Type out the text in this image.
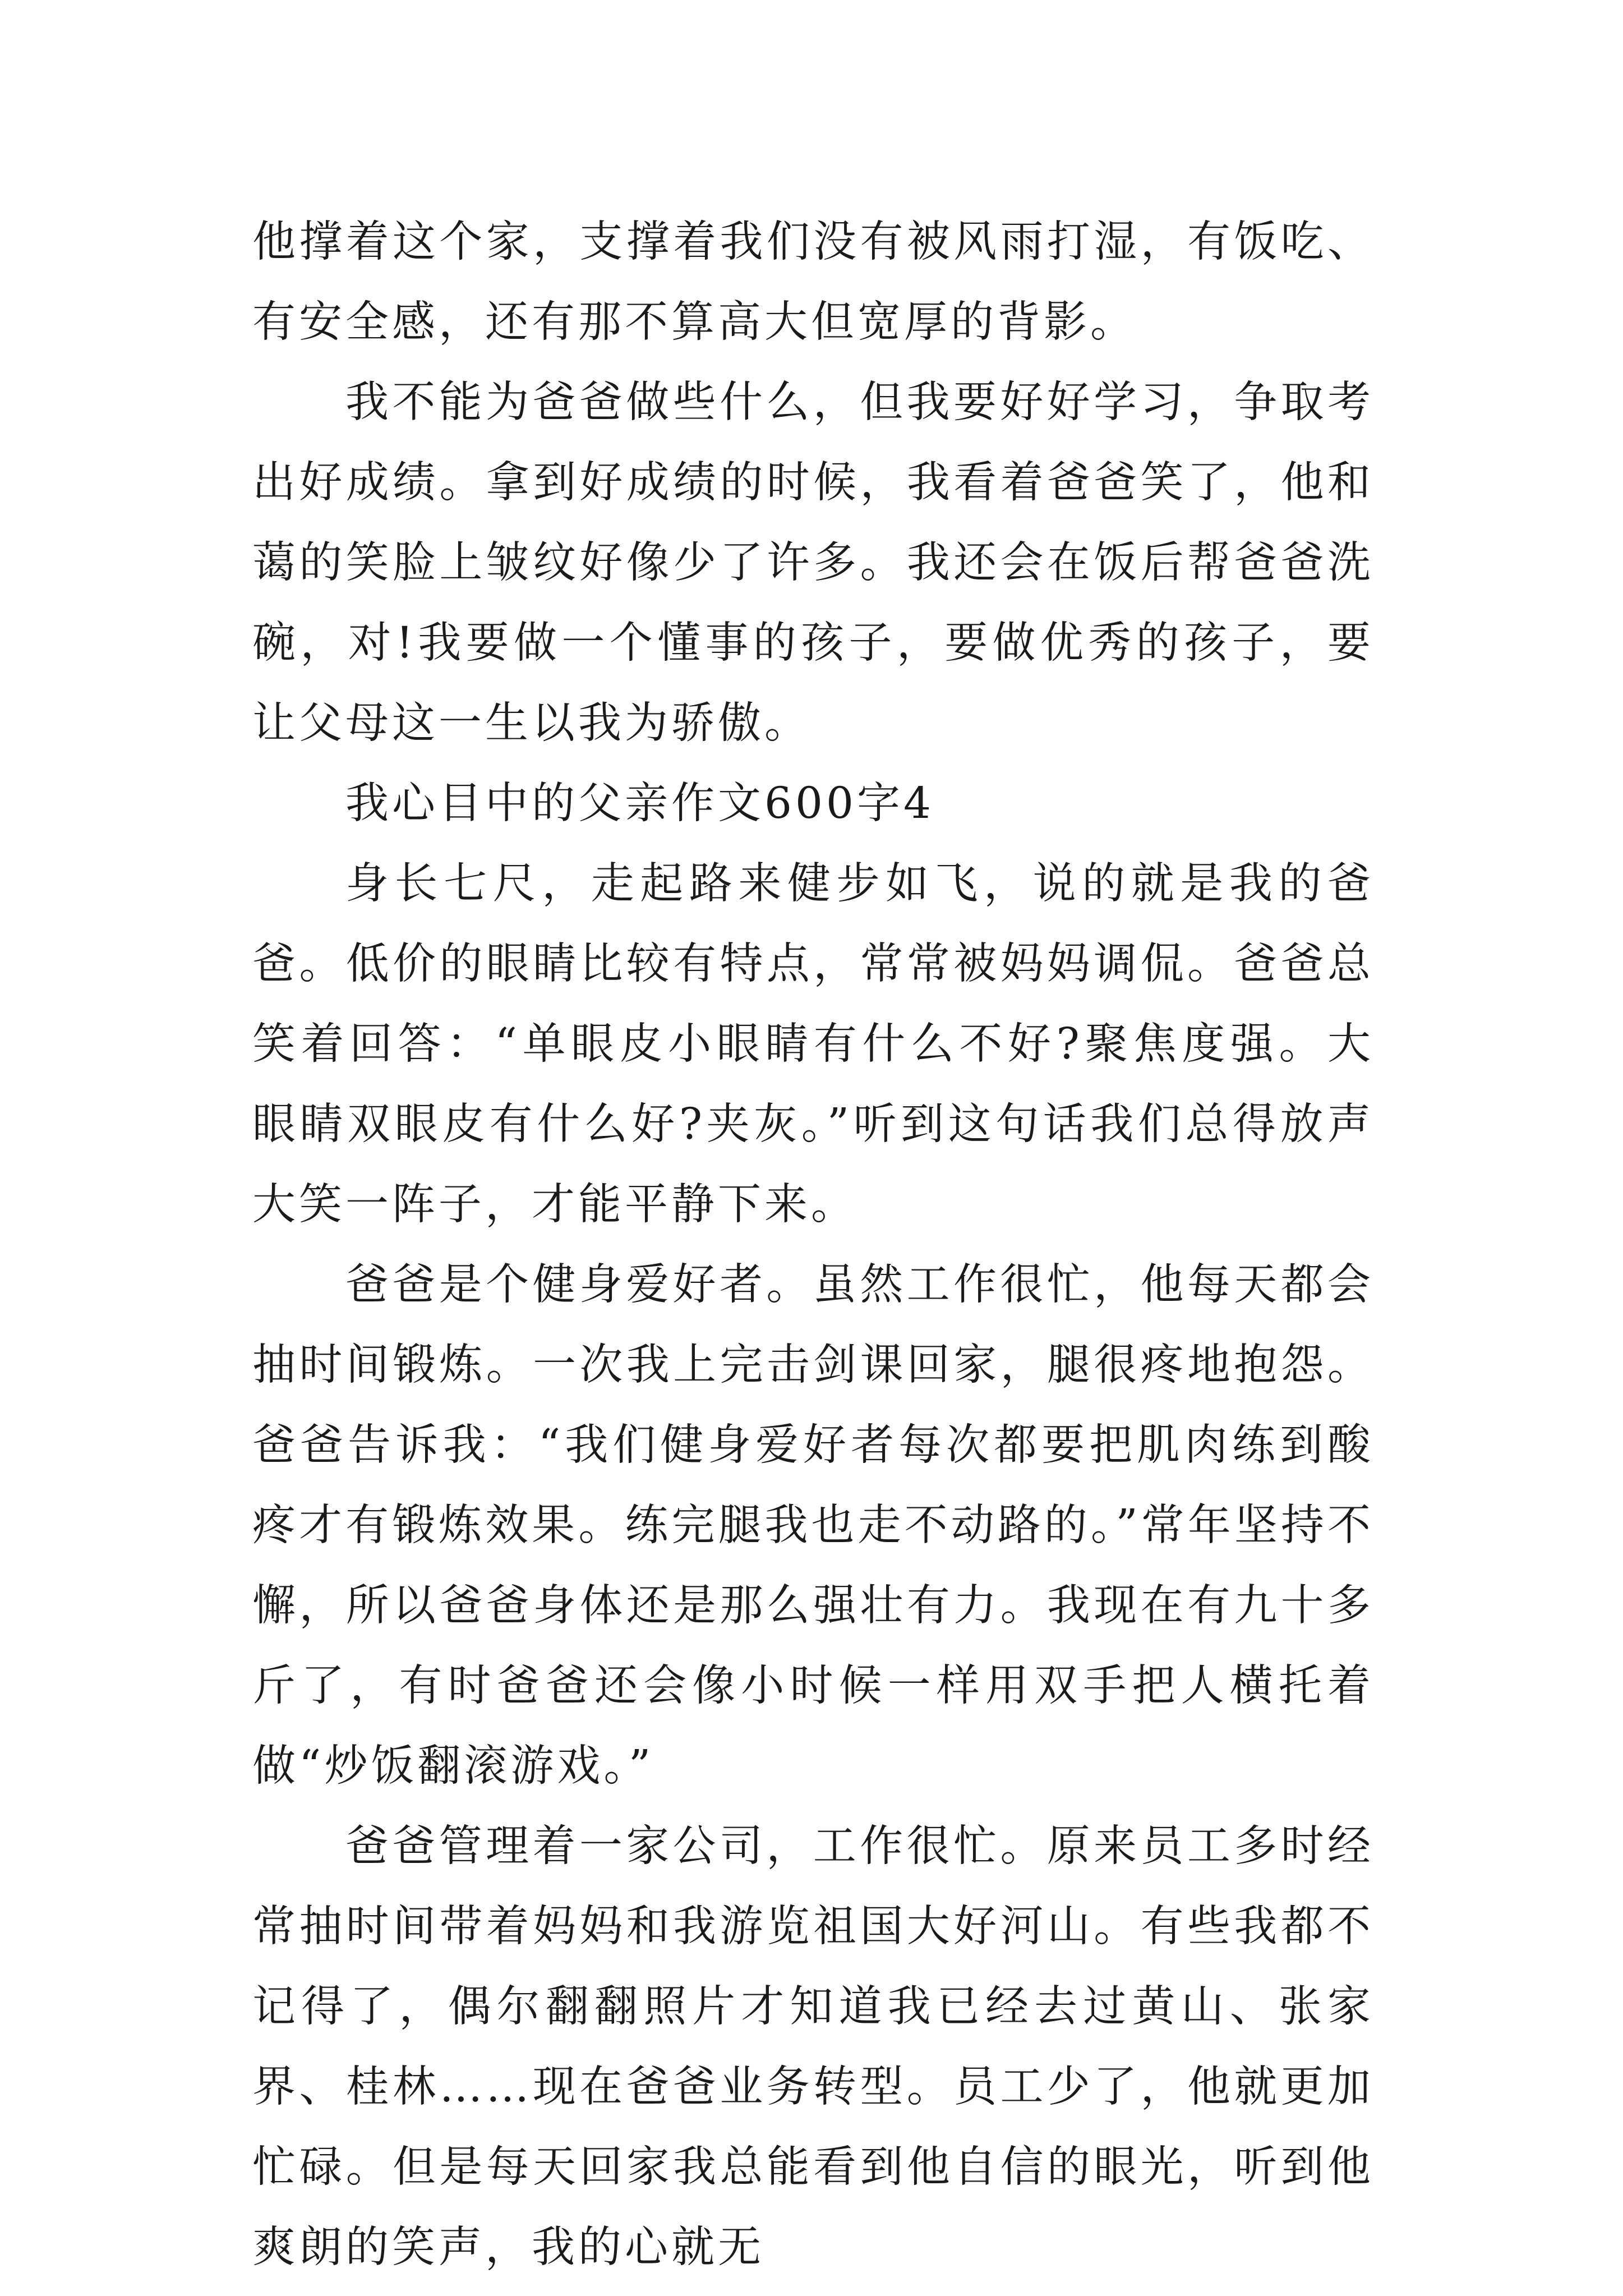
他撑着这个家，支撑着我们没有被风雨打湿，有饭吃、有安全感，还有那不算高大但宽厚的背影。

我不能为爸爸做些什么，但我要好好学习，争取考出好成绩。拿到好成绩的时候，我看着爸爸笑了，他和蔼的笑脸上皱纹好像少了许多。我还会在饭后帮爸爸洗碗，对!我要做一个懂事的孩子，要做优秀的孩子，要让父母这一生以我为骄傲。

我心目中的父亲作文600字4

身长七尺，走起路来健步如飞，说的就是我的爸爸。低价的眼睛比较有特点，常常被妈妈调侃。爸爸总笑着回答：“单眼皮小眼睛有什么不好?聚焦度强。大眼睛双眼皮有什么好?夹灰。”听到这句话我们总得放声大笑一阵子，才能平静下来。

爸爸是个健身爱好者。虽然工作很忙，他每天都会抽时间锻炼。一次我上完击剑课回家，腿很疼地抱怨。爸爸告诉我：“我们健身爱好者每次都要把肌肉练到酸疼才有锻炼效果。练完腿我也走不动路的。”常年坚持不懈，所以爸爸身体还是那么强壮有力。我现在有九十多斤了，有时爸爸还会像小时候一样用双手把人横托着做“炒饭翻滚游戏。”

爸爸管理着一家公司，工作很忙。原来员工多时经常抽时间带着妈妈和我游览祖国大好河山。有些我都不记得了，偶尔翻翻照片才知道我已经去过黄山、张家界、桂林……现在爸爸业务转型。员工少了，他就更加忙碌。但是每天回家我总能看到他自信的眼光，听到他爽朗的笑声，我的心就无
